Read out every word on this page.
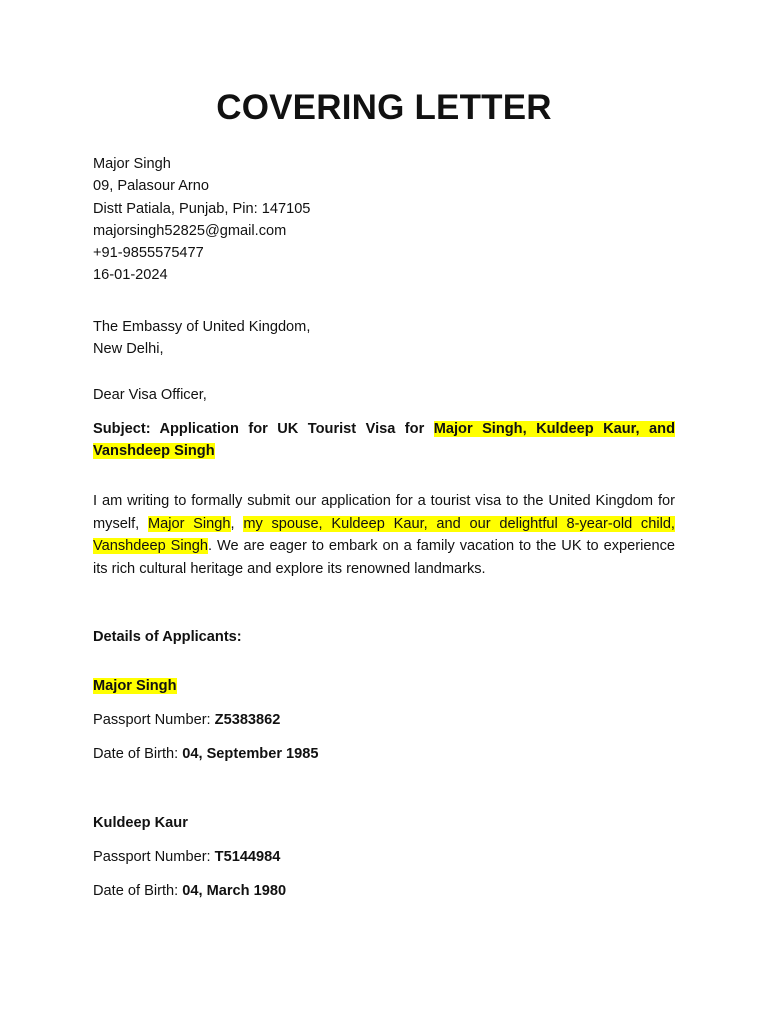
COVERING LETTER
Major Singh
09, Palasour Arno
Distt Patiala, Punjab, Pin: 147105
majorsingh52825@gmail.com
+91-9855575477
16-01-2024
The Embassy of United Kingdom,
New Delhi,
Dear Visa Officer,
Subject: Application for UK Tourist Visa for Major Singh, Kuldeep Kaur, and Vanshdeep Singh
I am writing to formally submit our application for a tourist visa to the United Kingdom for myself, Major Singh, my spouse, Kuldeep Kaur, and our delightful 8-year-old child, Vanshdeep Singh. We are eager to embark on a family vacation to the UK to experience its rich cultural heritage and explore its renowned landmarks.
Details of Applicants:
Major Singh
Passport Number: Z5383862
Date of Birth: 04, September 1985
Kuldeep Kaur
Passport Number: T5144984
Date of Birth: 04, March 1980
